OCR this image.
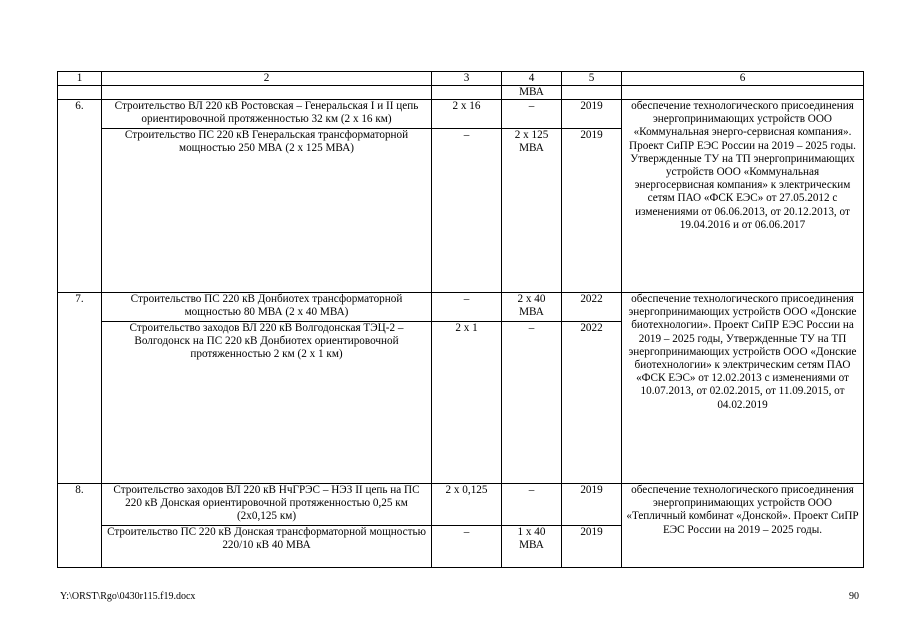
1	2	3	4	5	6
			МВА		
6.	Строительство ВЛ 220 кВ Ростовская – Генеральская I и II цепь ориентировочной протяженностью 32 км (2 х 16 км)	2 х 16	–	2019	обеспечение технологического присоединения энергопринимающих устройств ООО «Коммунальная энерго-сервисная компания». Проект СиПР ЕЭС России на 2019 – 2025 годы. Утвержденные ТУ на ТП энергопринимающих устройств ООО «Коммунальная энергосервисная компания» к электрическим сетям ПАО «ФСК ЕЭС» от 27.05.2012 с изменениями от 06.06.2013, от 20.12.2013, от 19.04.2016 и от 06.06.2017
	Строительство ПС 220 кВ Генеральская трансформаторной мощностью 250 МВА (2 х 125 МВА)	–	2 х 125 МВА	2019	
7.	Строительство ПС 220 кВ Донбиотех трансформаторной мощностью 80 МВА (2 х 40 МВА)	–	2 х 40 МВА	2022	обеспечение технологического присоединения энергопринимающих устройств ООО «Донские биотехнологии». Проект СиПР ЕЭС России на 2019 – 2025 годы, Утвержденные ТУ на ТП энергопринимающих устройств ООО «Донские биотехнологии» к электрическим сетям ПАО «ФСК ЕЭС» от 12.02.2013 с изменениями от 10.07.2013, от 02.02.2015, от 11.09.2015, от 04.02.2019
	Строительство заходов ВЛ 220 кВ Волгодонская ТЭЦ-2 – Волгодонск на ПС 220 кВ Донбиотех ориентировочной протяженностью 2 км (2 х 1 км)	2 х 1	–	2022	
8.	Строительство заходов ВЛ 220 кВ НчГРЭС – НЭЗ II цепь на ПС 220 кВ Донская ориентировочной протяженностью 0,25 км (2х0,125 км)	2 х 0,125	–	2019	обеспечение технологического присоединения энергопринимающих устройств ООО «Тепличный комбинат «Донской». Проект СиПР ЕЭС России на 2019 – 2025 годы.
	Строительство ПС 220 кВ Донская трансформаторной мощностью 220/10 кВ 40 МВА	–	1 х 40 МВА	2019	
Y:\ORST\Rgo\0430r115.f19.docx	90
